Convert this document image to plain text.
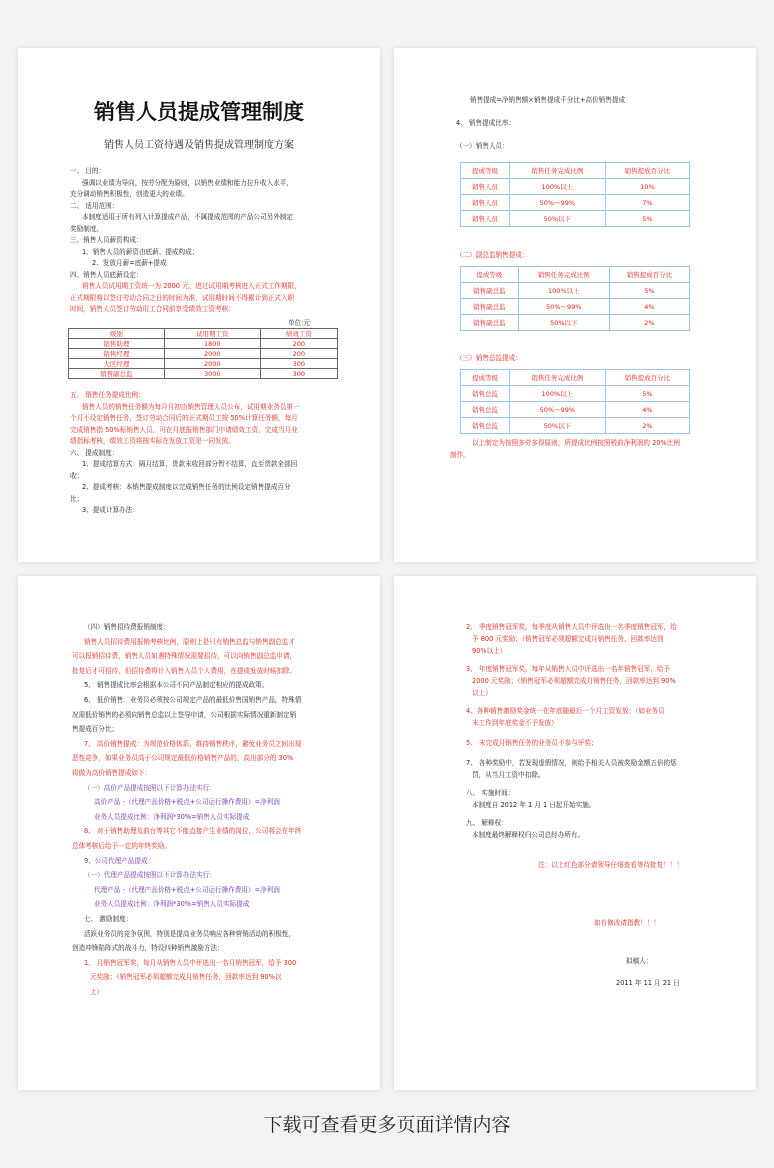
销售人员提成管理制度
销售人员工资待遇及销售提成管理制度方案
一、 目的：
强调以业绩为导向，按劳分配为原则，以销售业绩和能力拉升收入水平，
充分调动销售积极性，创造更大的业绩。
二、 适用范围：
本制度适用于所有列入计算提成产品，不属提成范围的产品公司另外制定
奖励制度。
三、销售人员薪资构成：
1、销售人员的薪资由底薪、提成构成；
2、发放月薪=底薪+提成
四、销售人员底薪设定：
销售人员试用期工资统一为 2000 元，进过试用期考核进入正式工作期限，
正式期限将以签订劳动合同之日的时间为准，试用期时间不得累计到正式入职
时间，销售人员签订劳动用工合同前享受绩效工资考核：
单位:元
级别	试用期工资	绩效工资
销售助理	1800	200
销售经理	2000	200
大区经理	2000	300
销售副总监	3000	300
五、 销售任务提成比例：
销售人员的销售任务额为每月月初由销售管理人员公布，试用期业务员第一
个月不设定销售任务，签订劳动合同后的正式期员工按 50%计算任务额，每月
完成销售指 50%标销售人员，可在月底报销售部门申请绩效工资，完成当月业
绩指标考核，绩效工资将按实际在发放工资是一同发放。
六、 提成制度：
1、提成结算方式：隔月结算，货款未收回部分暂不结算，直至货款全部回
收；
2、提成考核：本销售提成制度以完成销售任务的比例设定销售提成百分
比；
3、提成计算办法：
销售提成=净销售额×销售提成千分比+高价销售提成
4、 销售提成比率：
（一）销售人员：
提成等级	销售任务完成比例	销售提成百分比
销售人员	100%以上	10%
销售人员	50%～99%	7%
销售人员	50%以下	5%
（二）副总监销售提成：
提成等级	销售任务完成比例	销售提成百分比
销售副总监	100%以上	5%
销售副总监	50%～99%	4%
销售副总监	50%以下	2%
（三）销售总监提成：
提成等级	销售任务完成比例	销售提成百分比
销售总监	100%以上	5%
销售总监	50%～99%	4%
销售总监	50%以下	2%
以上制定为按照多劳多得原则，所提成比例按照税前净利润的 20%比例
制作。
（四）销售招待费报销制度：
销售人员招待费用报销考核比例，原则上是只有销售总监与销售副总监才
可以报销招待费，销售人员如遇特殊情况需要招待，可以向销售副总监申请，
批复后才可招待，但招待费将计入销售人员个人费用，在提成发放时候扣除。
5、 销售提成比率会根据本公司不同产品制定相应的提成政策。
6、 低价销售：业务员必须按公司规定产品的最低价售国销售产品，特殊情
况需低价销售的必须向销售总监以上签导申请，公司根据实际情况重新制定销
售提成百分比；
7、 高价销售提成：为规范价格体系，维持销售秩序，避免业务员之间出现
恶性竞争，如果业务员高于公司规定最低价格销售产品的，高出部分的 30%
将做为高价销售提成如下：
（一）高价产品提成按照以下计算办法实行：
高价产品 -（代理产品价格+税点+公司运行操作费用）=净利润
业务人员提成比例：净利润*30%=销售人员实际提成
8、 对于销售助理及前台等其它不能直接产生业绩的岗位，公司将会在年终
总体考核后给予一定的年终奖励。
9、公司代理产品提成：
（一）代理产品提成按照以下计算办法实行：
代理产品 -（代理产品价格+税点+公司运行操作费用）=净利润
业务人员提成比例：净利润*30%=销售人员实际提成
七、 激励制度：
活跃业务员的竞争氛围，特别是提高业务员响应各种营销活动的积极性，
创造冲锋陷阵式的战斗力，特设四种销售激励方法：
1、 月销售冠军奖，每月从销售人员中评选出一名月销售冠军，给予 300
元奖励；（销售冠军必须超额完成月销售任务，回款率达到 90%以
上）
2、 季度销售冠军奖，每季度从销售人员中评选出一名季度销售冠军，给
予 800 元奖励；（销售冠军必须超额完成月销售任务，回款率达到
90%以上）
3、 年度销售冠军奖，每年从销售人员中评选出一名年销售冠军，给予
2000 元奖励；（销售冠军必须超额完成月销售任务，回款率达到 90%
以上）
4、各种销售激励奖金统一在年底随最后一个月工资发放；（如业务员
未工作到年底奖金不予发放）
5、 未完成月销售任务的业务员不参与评奖；
7、 各种奖励中，若发现虚假情况，则给予相关人员被奖励金额五倍的惩
罚，从当月工资中扣除。
八、 实施时间：
本制度自 2012 年 1 月 1 日起开始实施。
九、 解释权：
本制度最终解释权归公司总经办所有。
注：以上红色部分请领导仔细查看等待批复！！！
如有修改请指教！！！
拟稿人：
2011 年 11 月 21 日
下载可查看更多页面详情内容
